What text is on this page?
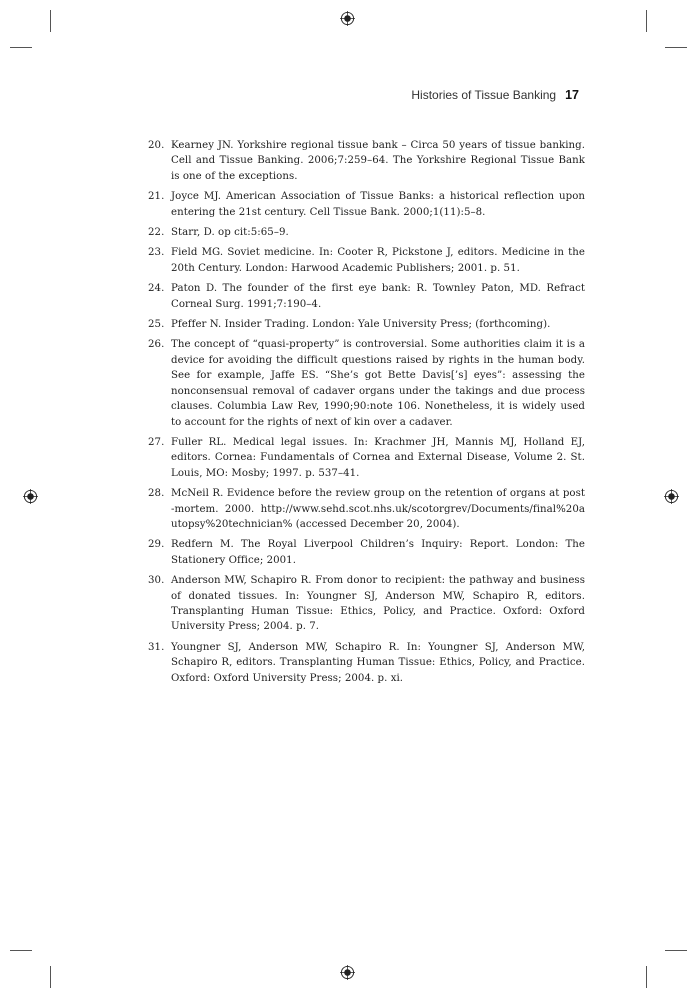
Histories of Tissue Banking 17
20. Kearney JN. Yorkshire regional tissue bank – Circa 50 years of tissue banking. Cell and Tissue Banking. 2006;7:259–64. The Yorkshire Regional Tissue Bank is one of the exceptions.
21. Joyce MJ. American Association of Tissue Banks: a historical reflection upon entering the 21st century. Cell Tissue Bank. 2000;1(11):5–8.
22. Starr, D. op cit:5:65–9.
23. Field MG. Soviet medicine. In: Cooter R, Pickstone J, editors. Medicine in the 20th Century. London: Harwood Academic Publishers; 2001. p. 51.
24. Paton D. The founder of the first eye bank: R. Townley Paton, MD. Refract Corneal Surg. 1991;7:190–4.
25. Pfeffer N. Insider Trading. London: Yale University Press; (forthcoming).
26. The concept of “quasi-property” is controversial. Some authorities claim it is a device for avoiding the difficult questions raised by rights in the human body. See for example, Jaffe ES. “She’s got Bette Davis[’s] eyes”: assessing the nonconsensual removal of cadaver organs under the takings and due process clauses. Columbia Law Rev, 1990;90:note 106. Nonetheless, it is widely used to account for the rights of next of kin over a cadaver.
27. Fuller RL. Medical legal issues. In: Krachmer JH, Mannis MJ, Holland EJ, editors. Cornea: Fundamentals of Cornea and External Disease, Volume 2. St. Louis, MO: Mosby; 1997. p. 537–41.
28. McNeil R. Evidence before the review group on the retention of organs at post-mortem. 2000. http://www.sehd.scot.nhs.uk/scotorgrev/Documents/final%20autopsy%20technician% (accessed December 20, 2004).
29. Redfern M. The Royal Liverpool Children’s Inquiry: Report. London: The Stationery Office; 2001.
30. Anderson MW, Schapiro R. From donor to recipient: the pathway and business of donated tissues. In: Youngner SJ, Anderson MW, Schapiro R, editors. Transplanting Human Tissue: Ethics, Policy, and Practice. Oxford: Oxford University Press; 2004. p. 7.
31. Youngner SJ, Anderson MW, Schapiro R. In: Youngner SJ, Anderson MW, Schapiro R, editors. Transplanting Human Tissue: Ethics, Policy, and Practice. Oxford: Oxford University Press; 2004. p. xi.
